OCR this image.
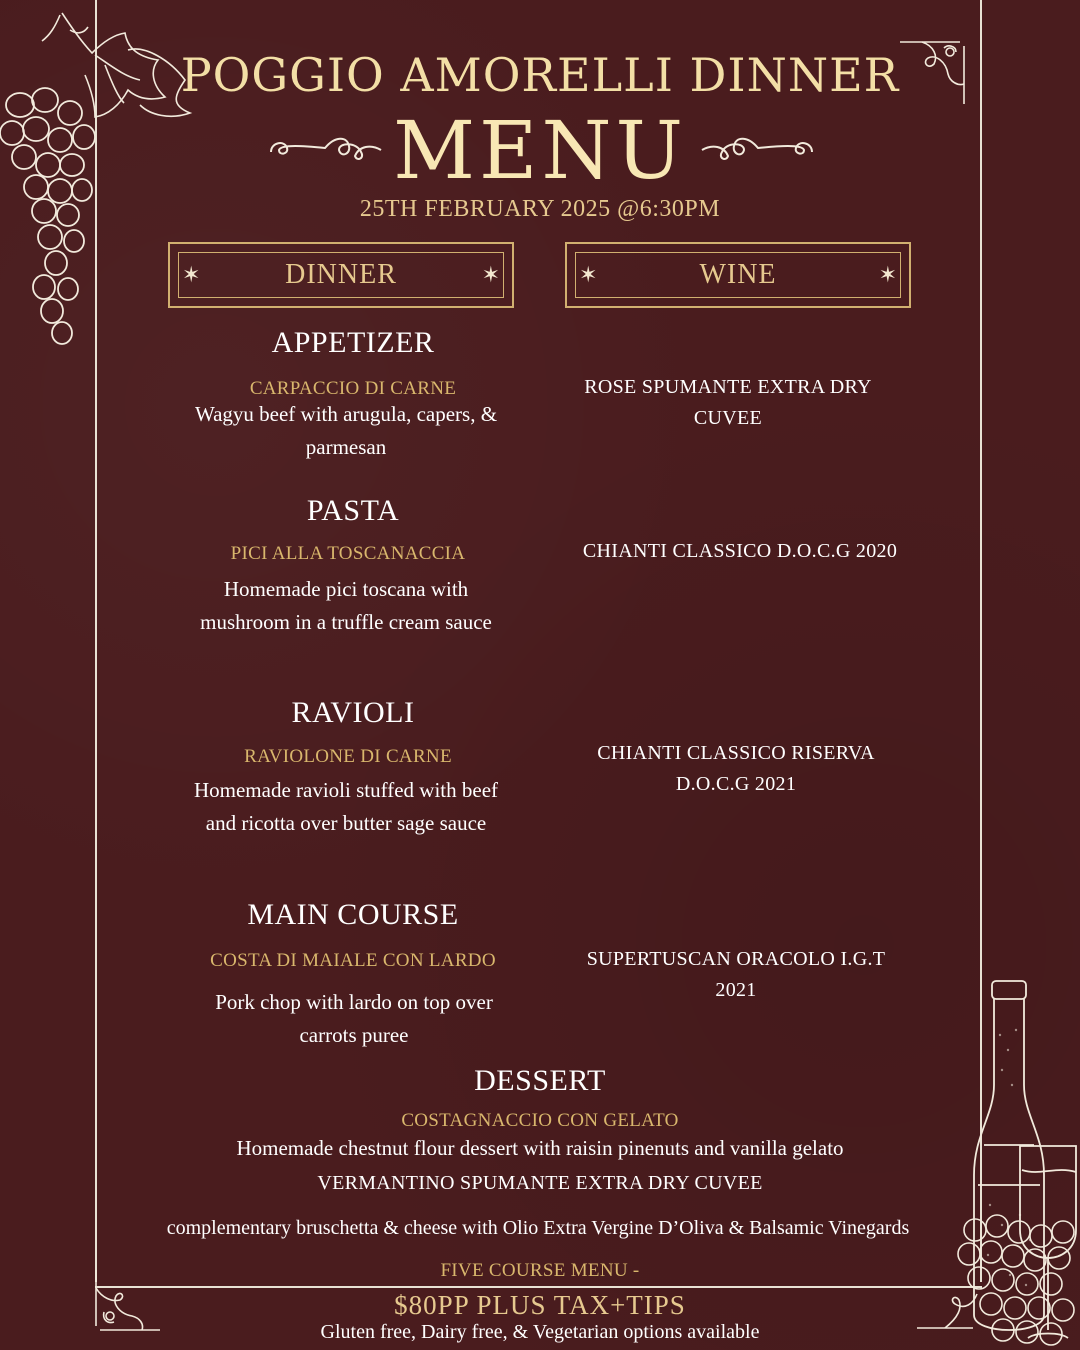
POGGIO AMORELLI DINNER
MENU
25TH FEBRUARY 2025 @6:30PM
✶	DINNER	✶	✶	WINE	✶
APPETIZER
CARPACCIO DI CARNE
Wagyu beef with arugula, capers, &
parmesan
ROSE SPUMANTE EXTRA DRY
CUVEE
PASTA
PICI ALLA TOSCANACCIA
Homemade pici toscana with
mushroom in a truffle cream sauce
CHIANTI CLASSICO D.O.C.G 2020
RAVIOLI
RAVIOLONE DI CARNE
Homemade ravioli stuffed with beef
and ricotta over butter sage sauce
CHIANTI CLASSICO RISERVA
D.O.C.G 2021
MAIN COURSE
COSTA DI MAIALE CON LARDO
Pork chop with lardo on top over
carrots puree
SUPERTUSCAN ORACOLO I.G.T
2021
DESSERT
COSTAGNACCIO CON GELATO
Homemade chestnut flour dessert with raisin pinenuts and vanilla gelato
VERMANTINO SPUMANTE EXTRA DRY CUVEE
complementary bruschetta & cheese with Olio Extra Vergine D’Oliva & Balsamic Vinegards
FIVE COURSE MENU -
$80PP PLUS TAX+TIPS
Gluten free, Dairy free, & Vegetarian options available
